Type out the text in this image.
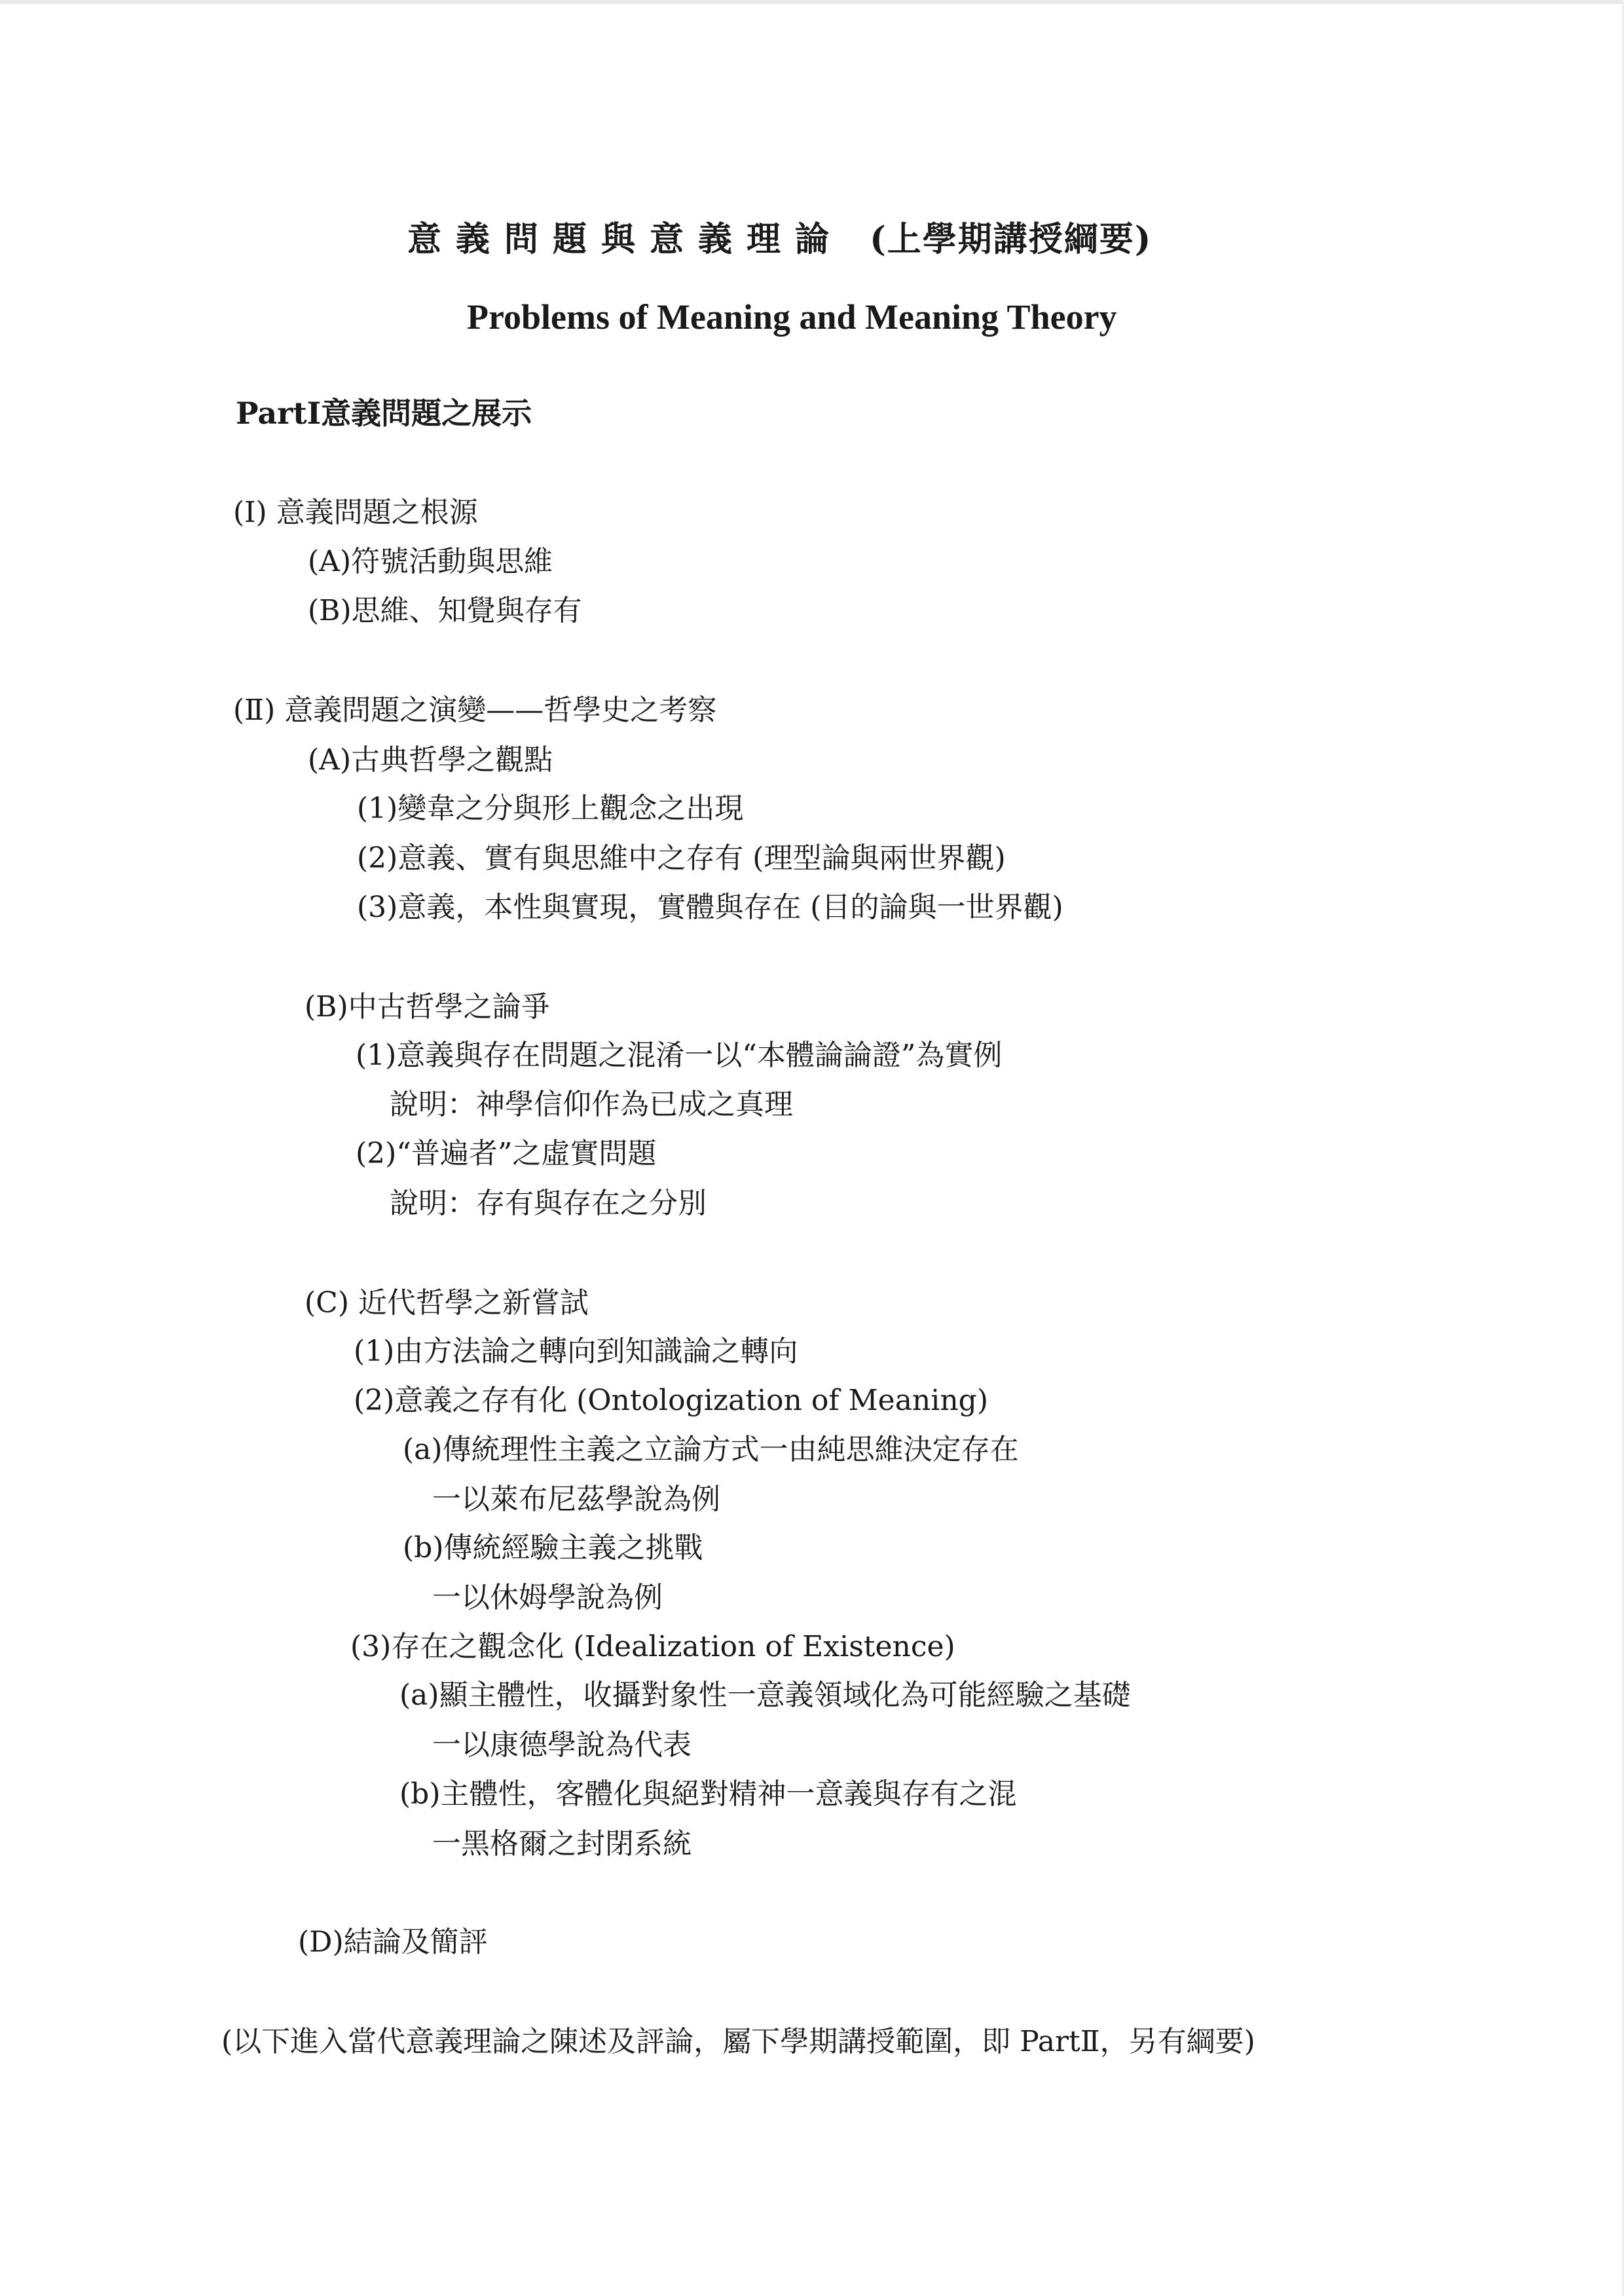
意義問題與意義理論 (上學期講授綱要)
Problems of Meaning and Meaning Theory
PartⅠ意義問題之展示
(Ⅰ) 意義問題之根源
(A)符號活動與思維
(B)思維、知覺與存有
(Ⅱ) 意義問題之演變——哲學史之考察
(A)古典哲學之觀點
(1)變韋之分與形上觀念之出現
(2)意義、實有與思維中之存有 (理型論與兩世界觀)
(3)意義，本性與實現，實體與存在 (目的論與一世界觀)
(B)中古哲學之論爭
(1)意義與存在問題之混淆一以“本體論論證”為實例
說明：神學信仰作為已成之真理
(2)“普遍者”之虛實問題
說明：存有與存在之分別
(C) 近代哲學之新嘗試
(1)由方法論之轉向到知識論之轉向
(2)意義之存有化 (Ontologization of Meaning)
(a)傳統理性主義之立論方式一由純思維決定存在
一以萊布尼茲學說為例
(b)傳統經驗主義之挑戰
一以休姆學說為例
(3)存在之觀念化 (Idealization of Existence)
(a)顯主體性，收攝對象性一意義領域化為可能經驗之基礎
一以康德學說為代表
(b)主體性，客體化與絕對精神一意義與存有之混
一黑格爾之封閉系統
(D)結論及簡評
(以下進入當代意義理論之陳述及評論，屬下學期講授範圍，即 PartⅡ，另有綱要)
